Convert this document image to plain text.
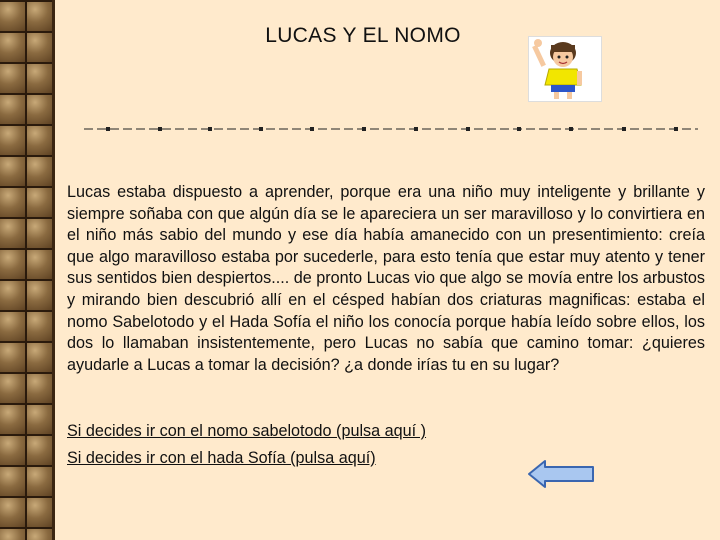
LUCAS Y EL NOMO
Lucas estaba dispuesto a aprender, porque era una niño muy inteligente y brillante y siempre soñaba con que algún día se le apareciera un ser maravilloso y lo convirtiera en el niño más sabio del mundo y ese día había amanecido con un presentimiento: creía que algo maravilloso estaba por sucederle, para esto tenía que estar muy atento y tener sus sentidos bien despiertos.... de pronto Lucas vio que algo se movía entre los arbustos y mirando bien descubrió allí en el césped habían dos criaturas magnificas: estaba el nomo Sabelotodo y el Hada Sofía el niño los conocía porque había leído sobre ellos, los dos lo llamaban insistentemente, pero Lucas no sabía que camino tomar: ¿quieres ayudarle a Lucas a tomar la decisión? ¿a donde irías tu en su lugar?
Si decides ir con el nomo sabelotodo (pulsa aquí )
Si decides ir con el hada Sofía (pulsa aquí)
